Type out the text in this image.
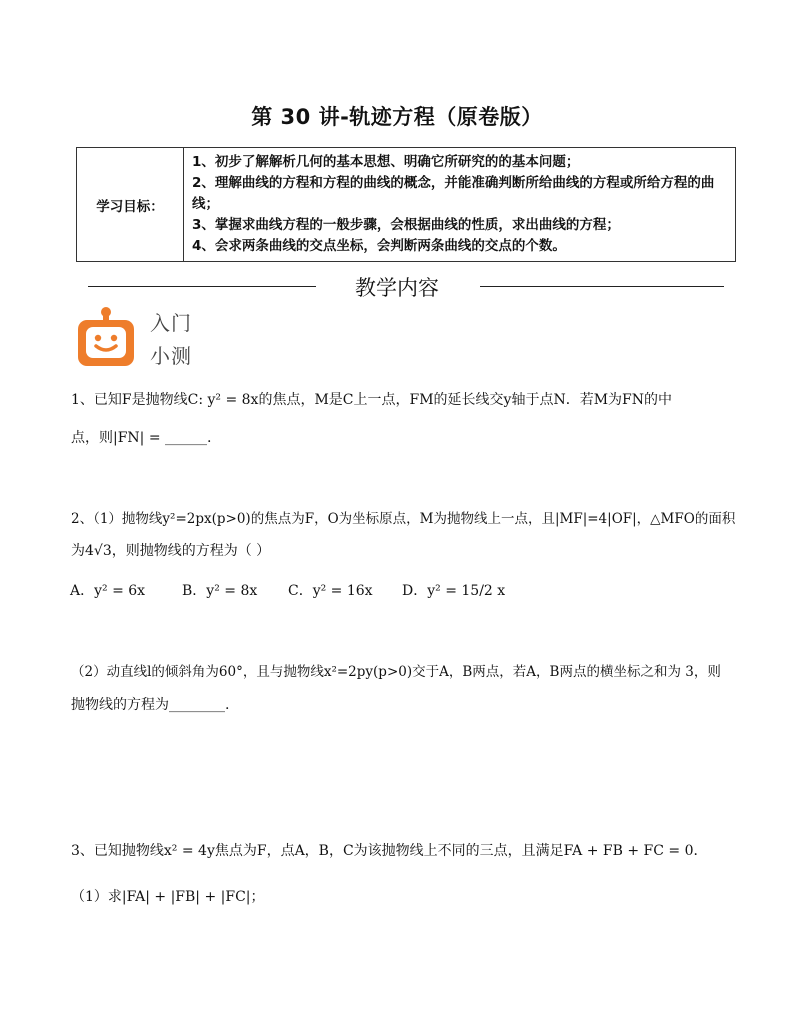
第 30 讲-轨迹方程（原卷版）
学习目标：	
1、初步了解解析几何的基本思想、明确它所研究的的基本问题；
2、理解曲线的方程和方程的曲线的概念，并能准确判断所给曲线的方程或所给方程的曲线；
3、掌握求曲线方程的一般步骤，会根据曲线的性质，求出曲线的方程；
4、会求两条曲线的交点坐标，会判断两条曲线的交点的个数。
教学内容
入门
小测
1、已知F是抛物线C: y² = 8x的焦点，M是C上一点，FM的延长线交y轴于点N．若M为FN的中
点，则|FN| = ______.
2、（1）抛物线y²=2px(p>0)的焦点为F，O为坐标原点，M为抛物线上一点，且|MF|=4|OF|，△MFO的面积
为4√3，则抛物线的方程为（ ）
A．y² = 6x	B．y² = 8x	C．y² = 16x	D．y² = 15/2 x
（2）动直线l的倾斜角为60°，且与抛物线x²=2py(p>0)交于A，B两点，若A，B两点的横坐标之和为 3，则
抛物线的方程为________.
3、已知抛物线x² = 4y焦点为F，点A，B，C为该抛物线上不同的三点，且满足FA + FB + FC = 0．
（1）求|FA| + |FB| + |FC|；
